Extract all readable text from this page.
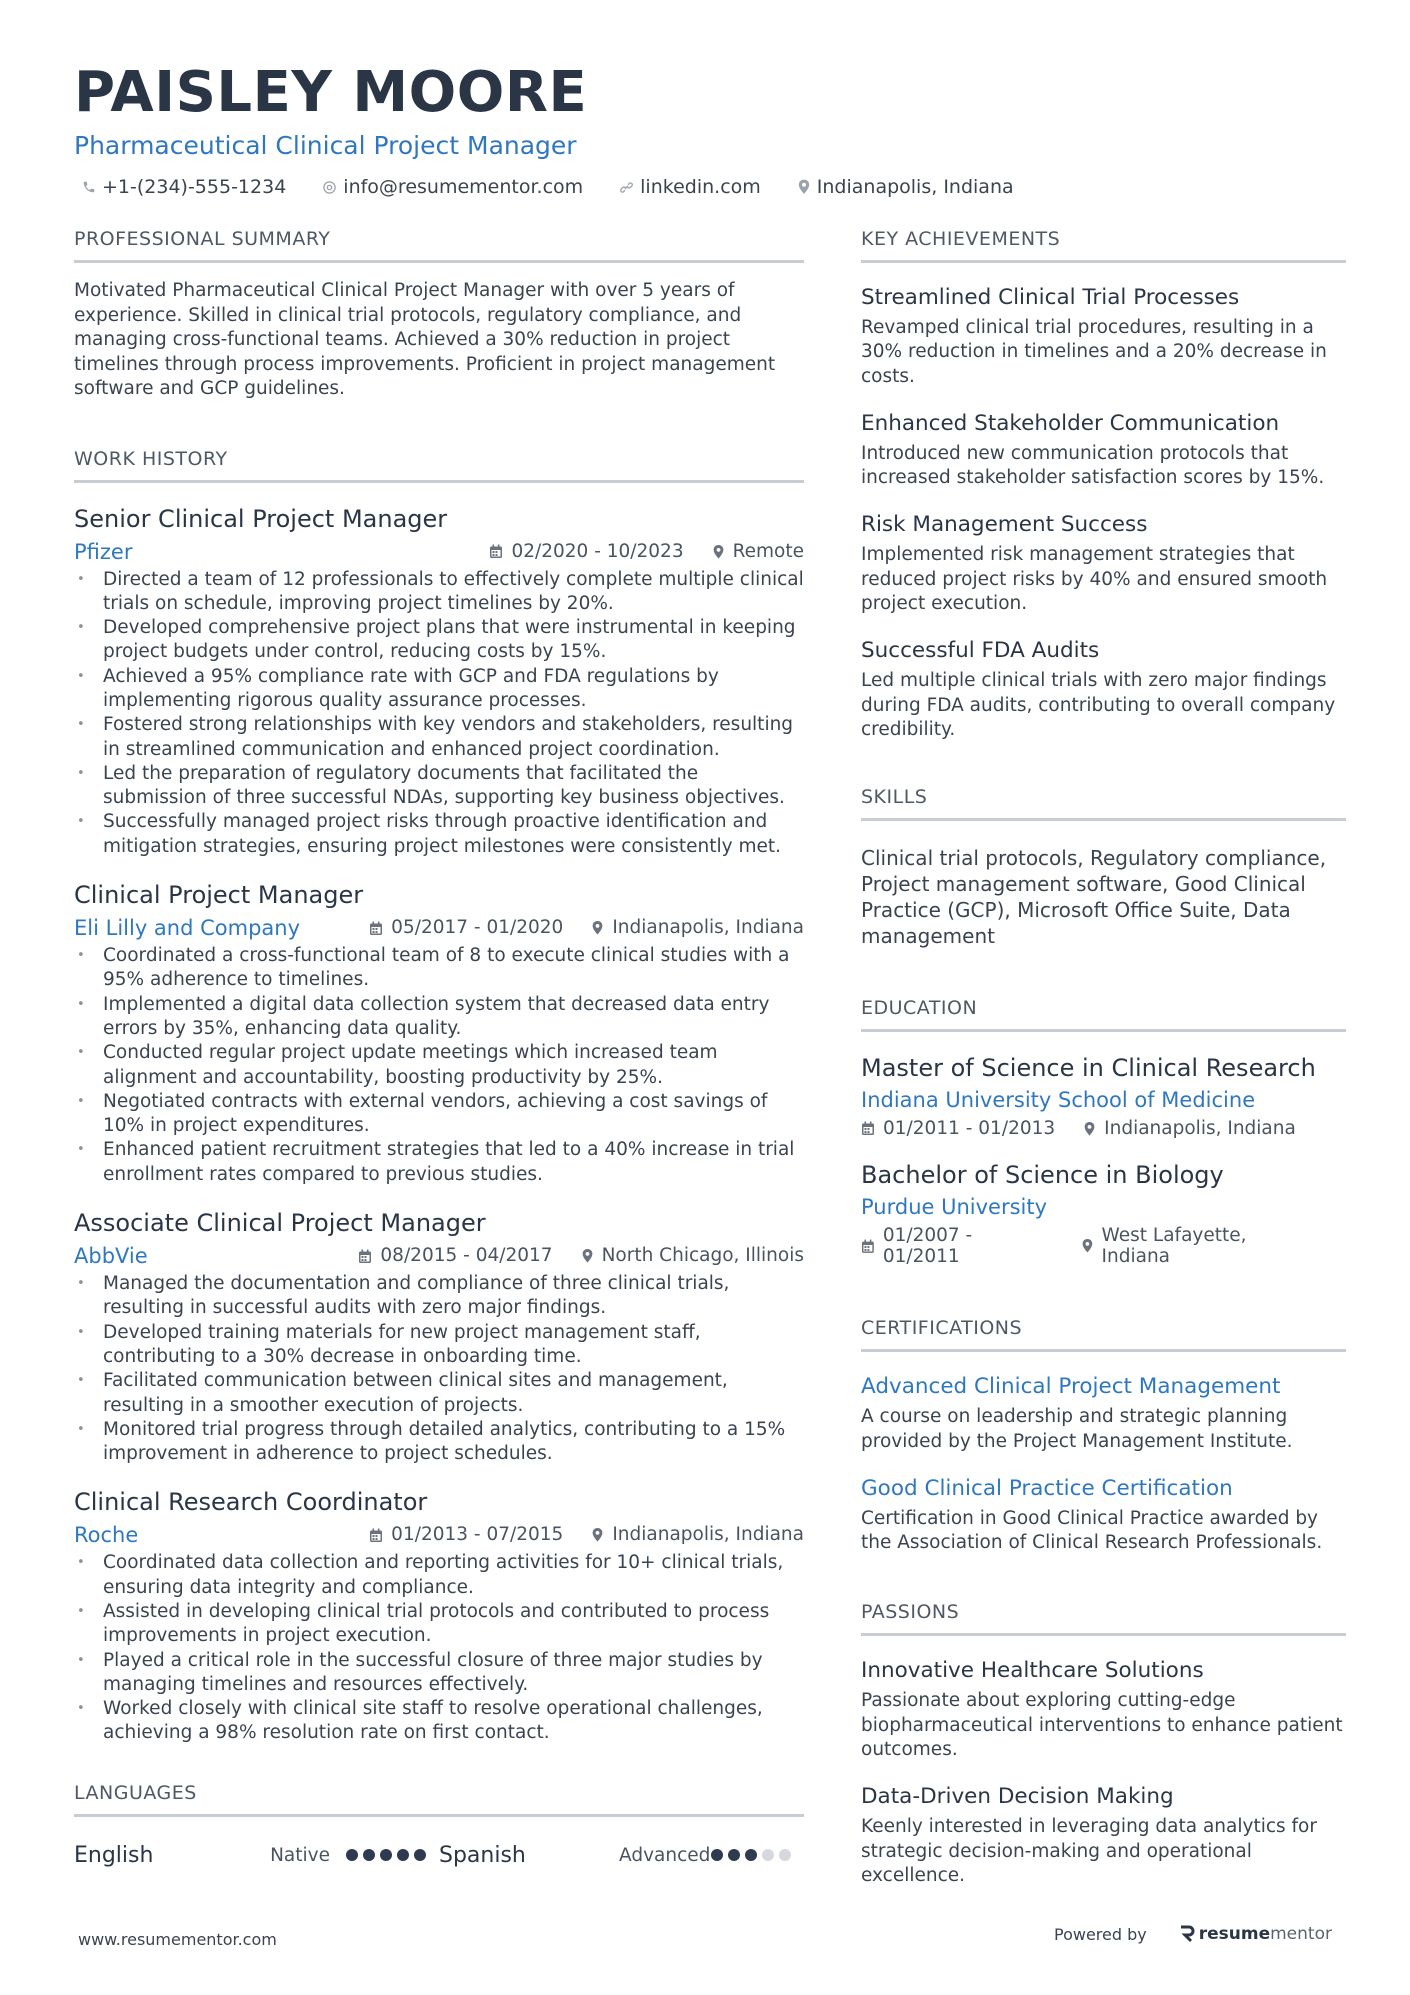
PAISLEY MOORE
Pharmaceutical Clinical Project Manager
+1-(234)-555-1234	info@resumementor.com	linkedin.com	Indianapolis, Indiana
PROFESSIONAL SUMMARY
Motivated Pharmaceutical Clinical Project Manager with over 5 years of experience. Skilled in clinical trial protocols, regulatory compliance, and managing cross-functional teams. Achieved a 30% reduction in project timelines through process improvements. Proficient in project management software and GCP guidelines.
WORK HISTORY
Senior Clinical Project Manager
Pfizer	02/2020 - 10/2023	Remote
• Directed a team of 12 professionals to effectively complete multiple clinical trials on schedule, improving project timelines by 20%.
• Developed comprehensive project plans that were instrumental in keeping project budgets under control, reducing costs by 15%.
• Achieved a 95% compliance rate with GCP and FDA regulations by implementing rigorous quality assurance processes.
• Fostered strong relationships with key vendors and stakeholders, resulting in streamlined communication and enhanced project coordination.
• Led the preparation of regulatory documents that facilitated the submission of three successful NDAs, supporting key business objectives.
• Successfully managed project risks through proactive identification and mitigation strategies, ensuring project milestones were consistently met.
Clinical Project Manager
Eli Lilly and Company	05/2017 - 01/2020	Indianapolis, Indiana
• Coordinated a cross-functional team of 8 to execute clinical studies with a 95% adherence to timelines.
• Implemented a digital data collection system that decreased data entry errors by 35%, enhancing data quality.
• Conducted regular project update meetings which increased team alignment and accountability, boosting productivity by 25%.
• Negotiated contracts with external vendors, achieving a cost savings of 10% in project expenditures.
• Enhanced patient recruitment strategies that led to a 40% increase in trial enrollment rates compared to previous studies.
Associate Clinical Project Manager
AbbVie	08/2015 - 04/2017	North Chicago, Illinois
• Managed the documentation and compliance of three clinical trials, resulting in successful audits with zero major findings.
• Developed training materials for new project management staff, contributing to a 30% decrease in onboarding time.
• Facilitated communication between clinical sites and management, resulting in a smoother execution of projects.
• Monitored trial progress through detailed analytics, contributing to a 15% improvement in adherence to project schedules.
Clinical Research Coordinator
Roche	01/2013 - 07/2015	Indianapolis, Indiana
• Coordinated data collection and reporting activities for 10+ clinical trials, ensuring data integrity and compliance.
• Assisted in developing clinical trial protocols and contributed to process improvements in project execution.
• Played a critical role in the successful closure of three major studies by managing timelines and resources effectively.
• Worked closely with clinical site staff to resolve operational challenges, achieving a 98% resolution rate on first contact.
LANGUAGES
English	Native	Spanish	Advanced
KEY ACHIEVEMENTS
Streamlined Clinical Trial Processes
Revamped clinical trial procedures, resulting in a 30% reduction in timelines and a 20% decrease in costs.
Enhanced Stakeholder Communication
Introduced new communication protocols that increased stakeholder satisfaction scores by 15%.
Risk Management Success
Implemented risk management strategies that reduced project risks by 40% and ensured smooth project execution.
Successful FDA Audits
Led multiple clinical trials with zero major findings during FDA audits, contributing to overall company credibility.
SKILLS
Clinical trial protocols, Regulatory compliance, Project management software, Good Clinical Practice (GCP), Microsoft Office Suite, Data management
EDUCATION
Master of Science in Clinical Research
Indiana University School of Medicine
01/2011 - 01/2013	Indianapolis, Indiana
Bachelor of Science in Biology
Purdue University
01/2007 - 01/2011
West Lafayette, Indiana
CERTIFICATIONS
Advanced Clinical Project Management
A course on leadership and strategic planning provided by the Project Management Institute.
Good Clinical Practice Certification
Certification in Good Clinical Practice awarded by the Association of Clinical Research Professionals.
PASSIONS
Innovative Healthcare Solutions
Passionate about exploring cutting-edge biopharmaceutical interventions to enhance patient outcomes.
Data-Driven Decision Making
Keenly interested in leveraging data analytics for strategic decision-making and operational excellence.
www.resumementor.com	Powered by	resume mentor
